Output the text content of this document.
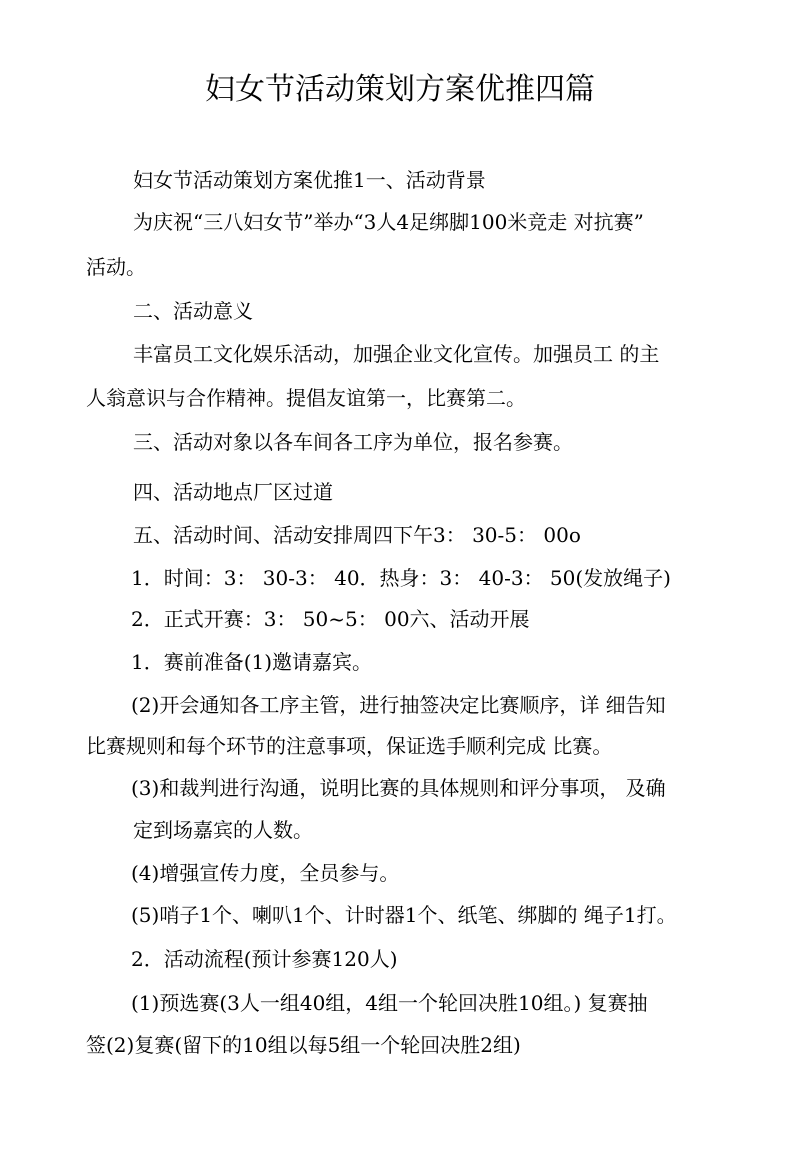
妇女节活动策划方案优推四篇
妇女节活动策划方案优推1一、活动背景
为庆祝“三八妇女节”举办“3人4足绑脚100米竞走 对抗赛”
活动。
二、活动意义
丰富员工文化娱乐活动，加强企业文化宣传。加强员工 的主
人翁意识与合作精神。提倡友谊第一，比赛第二。
三、活动对象以各车间各工序为单位，报名参赛。
四、活动地点厂区过道
五、活动时间、活动安排周四下午3： 30-5： 00o
1．时间：3： 30-3： 40．热身：3： 40-3： 50(发放绳子)
2．正式开赛：3： 50~5： 00六、活动开展
1．赛前准备(1)邀请嘉宾。
(2)开会通知各工序主管，进行抽签决定比赛顺序，详 细告知
比赛规则和每个环节的注意事项，保证选手顺利完成 比赛。
(3)和裁判进行沟通，说明比赛的具体规则和评分事项， 及确
定到场嘉宾的人数。
(4)增强宣传力度，全员参与。
(5)哨子1个、喇叭1个、计时器1个、纸笔、绑脚的 绳子1打。
2．活动流程(预计参赛120人)
(1)预选赛(3人一组40组，4组一个轮回决胜10组。) 复赛抽
签(2)复赛(留下的10组以每5组一个轮回决胜2组)
